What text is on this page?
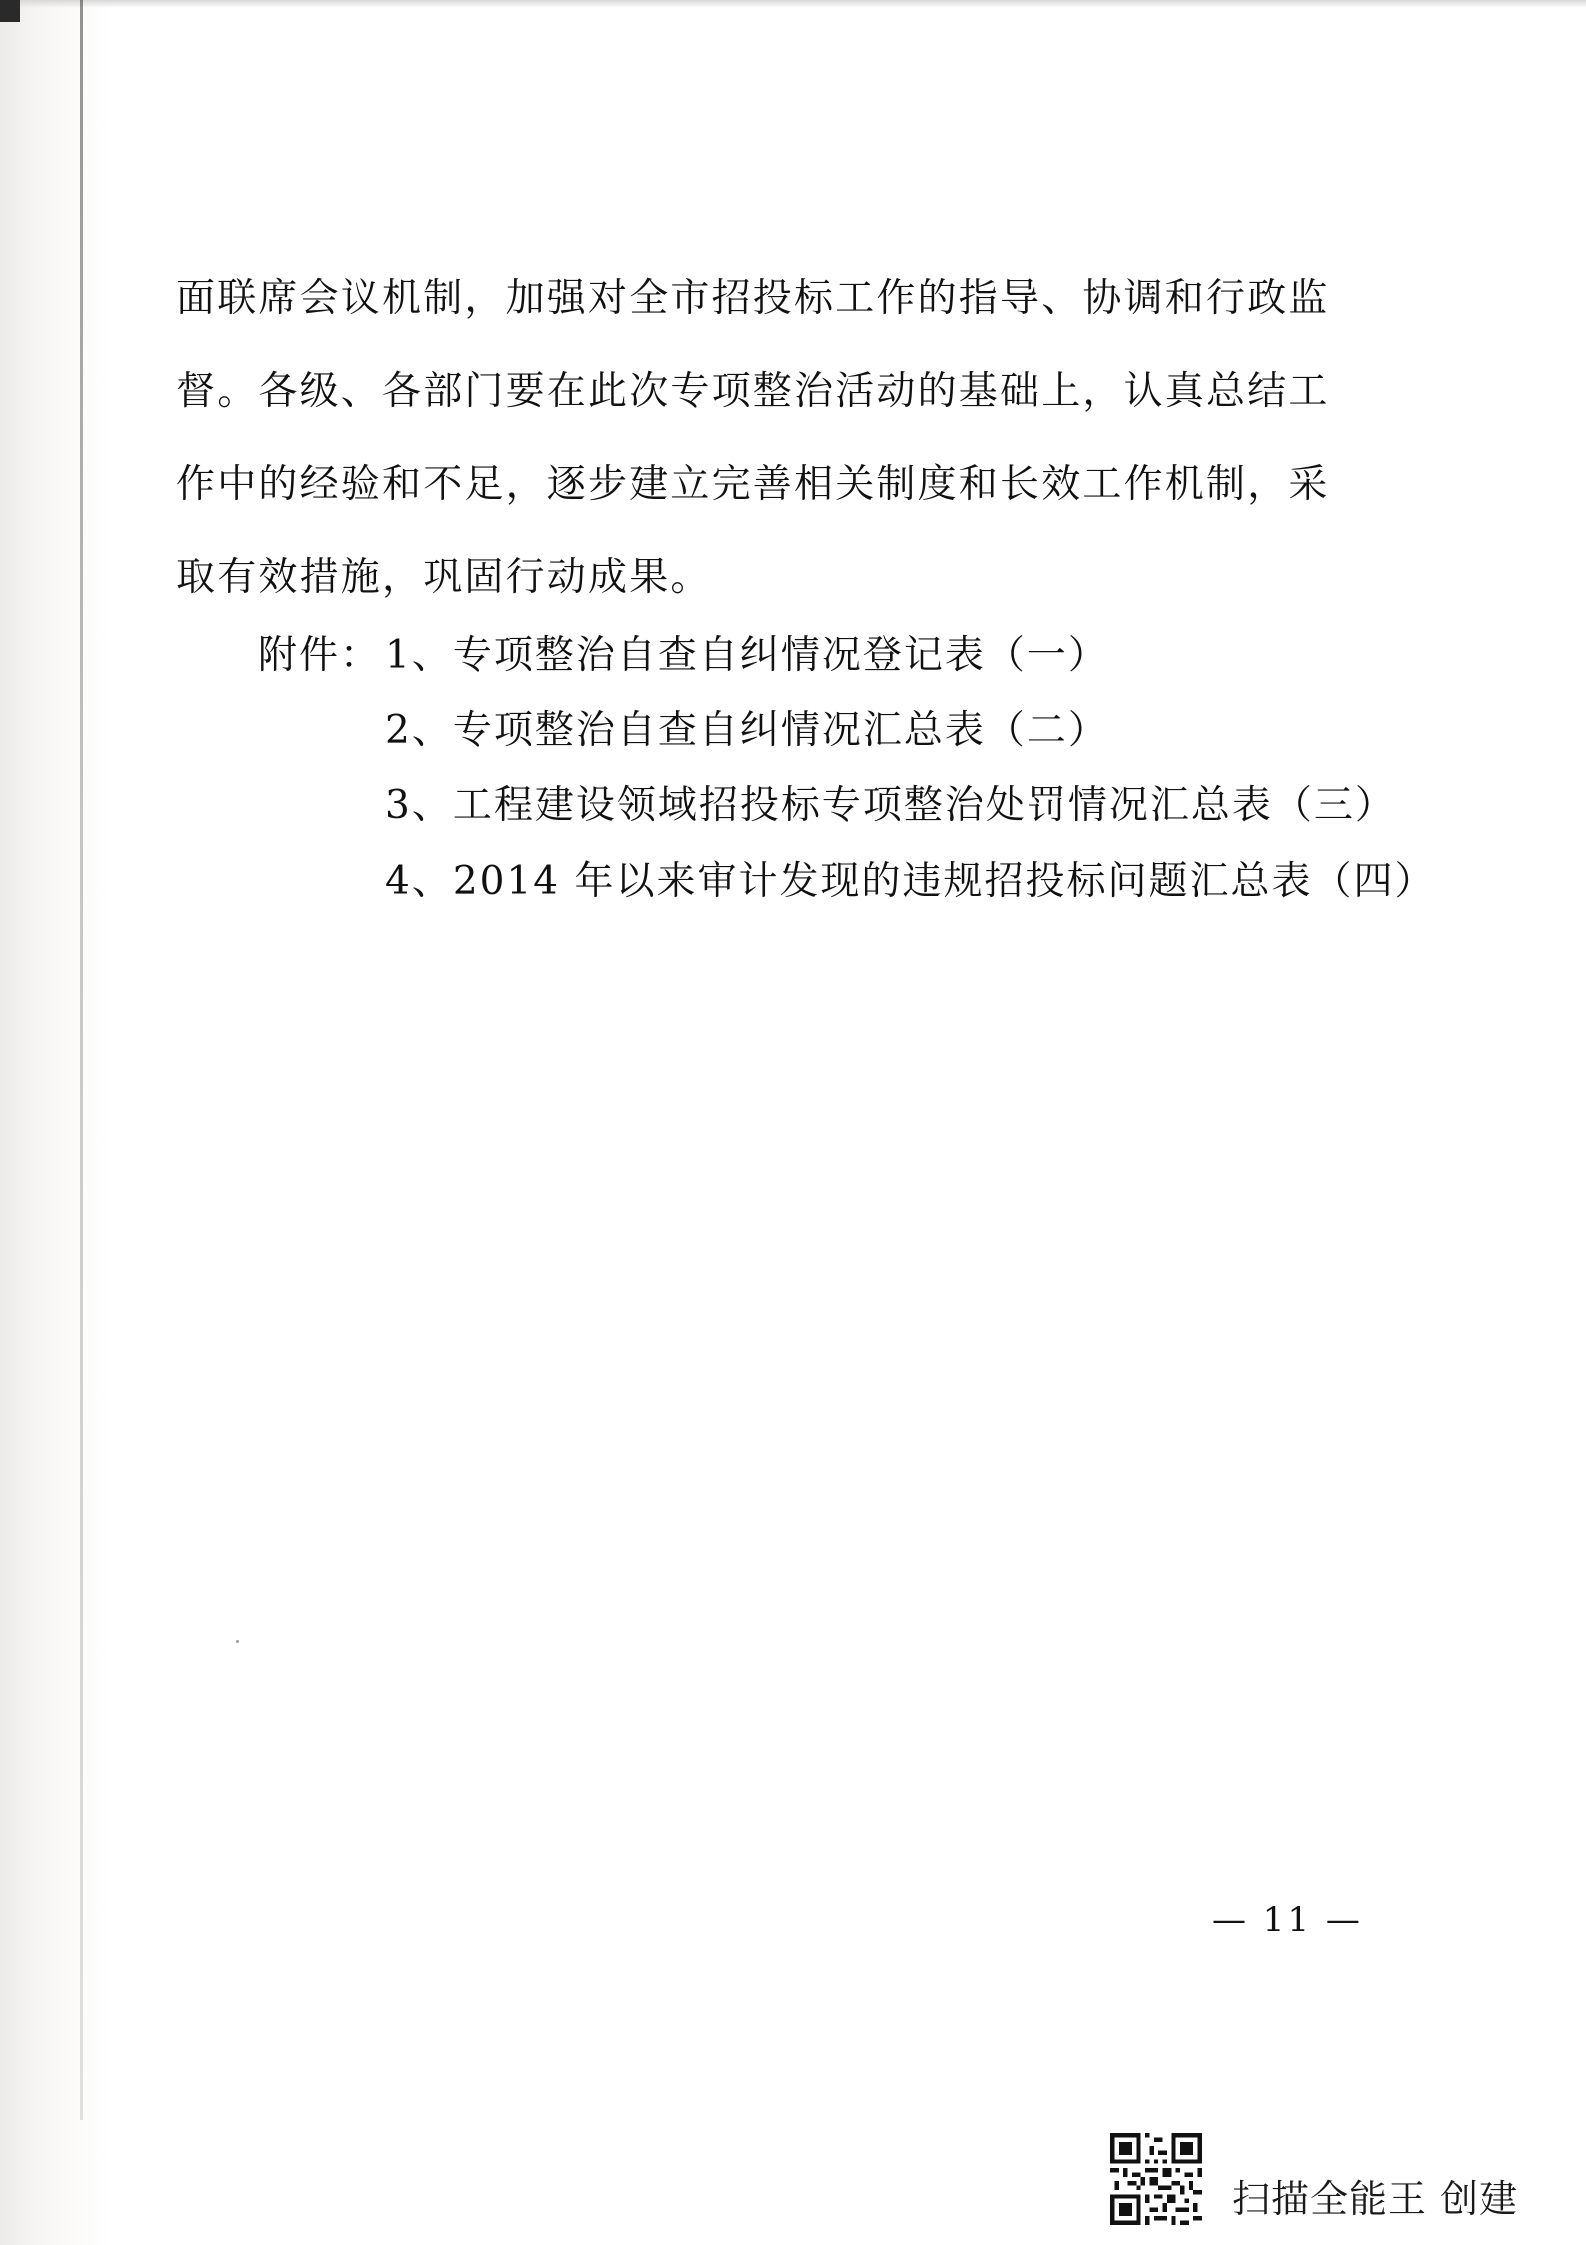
面联席会议机制，加强对全市招投标工作的指导、协调和行政监
督。各级、各部门要在此次专项整治活动的基础上，认真总结工
作中的经验和不足，逐步建立完善相关制度和长效工作机制，采
取有效措施，巩固行动成果。
附件： 1、专项整治自查自纠情况登记表（一）
2、专项整治自查自纠情况汇总表（二）
3、工程建设领域招投标专项整治处罚情况汇总表（三）
4、2014 年以来审计发现的违规招投标问题汇总表（四）
— 11 —
扫描全能王 创建
